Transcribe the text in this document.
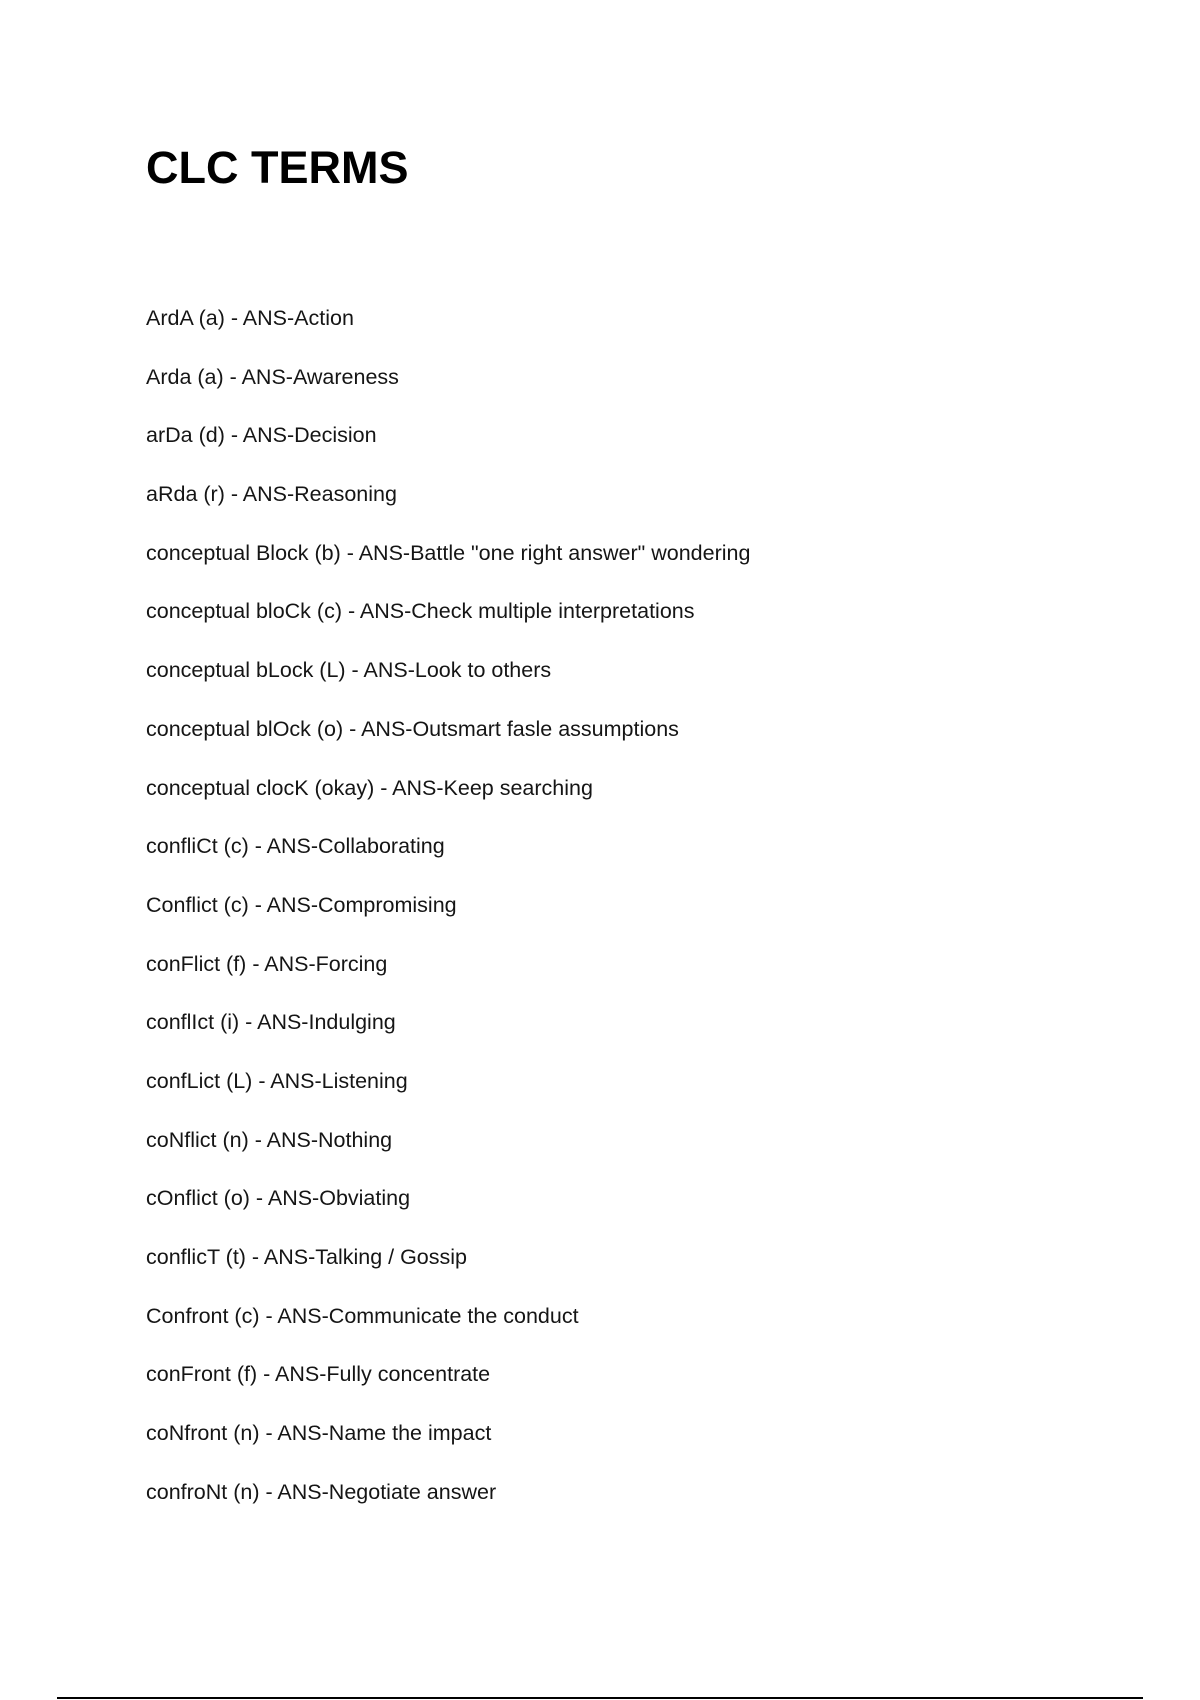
CLC TERMS
ArdA (a) - ANS-Action
Arda (a) - ANS-Awareness
arDa (d) - ANS-Decision
aRda (r) - ANS-Reasoning
conceptual Block (b) - ANS-Battle "one right answer" wondering
conceptual bloCk (c) - ANS-Check multiple interpretations
conceptual bLock (L) - ANS-Look to others
conceptual blOck (o) - ANS-Outsmart fasle assumptions
conceptual clocK (okay) - ANS-Keep searching
confliCt (c) - ANS-Collaborating
Conflict (c) - ANS-Compromising
conFlict (f) - ANS-Forcing
conflIct (i) - ANS-Indulging
confLict (L) - ANS-Listening
coNflict (n) - ANS-Nothing
cOnflict (o) - ANS-Obviating
conflicT (t) - ANS-Talking / Gossip
Confront (c) - ANS-Communicate the conduct
conFront (f) - ANS-Fully concentrate
coNfront (n) - ANS-Name the impact
confroNt (n) - ANS-Negotiate answer
